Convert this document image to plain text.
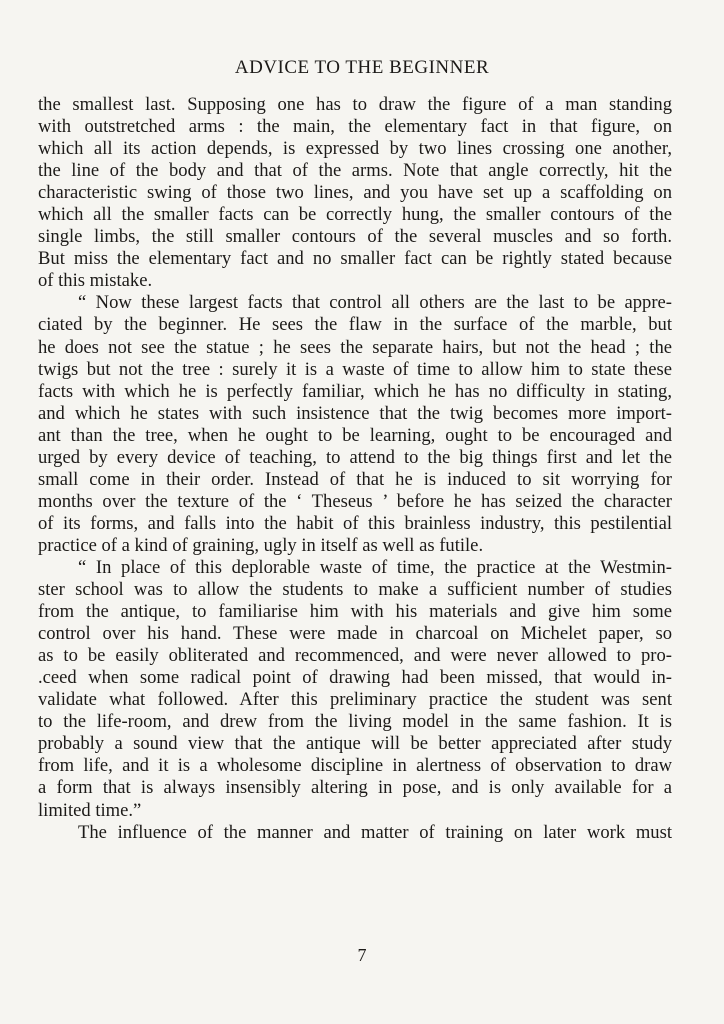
ADVICE TO THE BEGINNER

the smallest last. Supposing one has to draw the figure of a man standing
with outstretched arms : the main, the elementary fact in that figure, on
which all its action depends, is expressed by two lines crossing one another,
the line of the body and that of the arms. Note that angle correctly, hit the
characteristic swing of those two lines, and you have set up a scaffolding on
which all the smaller facts can be correctly hung, the smaller contours of the
single limbs, the still smaller contours of the several muscles and so forth.
But miss the elementary fact and no smaller fact can be rightly stated because
of this mistake.

“ Now these largest facts that control all others are the last to be appre-
ciated by the beginner. He sees the flaw in the surface of the marble, but
he does not see the statue ; he sees the separate hairs, but not the head ; the
twigs but not the tree : surely it is a waste of time to allow him to state these
facts with which he is perfectly familiar, which he has no difficulty in stating,
and which he states with such insistence that the twig becomes more import-
ant than the tree, when he ought to be learning, ought to be encouraged and
urged by every device of teaching, to attend to the big things first and let the
small come in their order. Instead of that he is induced to sit worrying for
months over the texture of the ‘ Theseus ’ before he has seized the character
of its forms, and falls into the habit of this brainless industry, this pestilential
practice of a kind of graining, ugly in itself as well as futile.

“ In place of this deplorable waste of time, the practice at the Westmin-
ster school was to allow the students to make a sufficient number of studies
from the antique, to familiarise him with his materials and give him some
control over his hand. These were made in charcoal on Michelet paper, so
as to be easily obliterated and recommenced, and were never allowed to pro-
.ceed when some radical point of drawing had been missed, that would in-
validate what followed. After this preliminary practice the student was sent
to the life-room, and drew from the living model in the same fashion. It is
probably a sound view that the antique will be better appreciated after study
from life, and it is a wholesome discipline in alertness of observation to draw
a form that is always insensibly altering in pose, and is only available for a
limited time.”

The influence of the manner and matter of training on later work must

7
